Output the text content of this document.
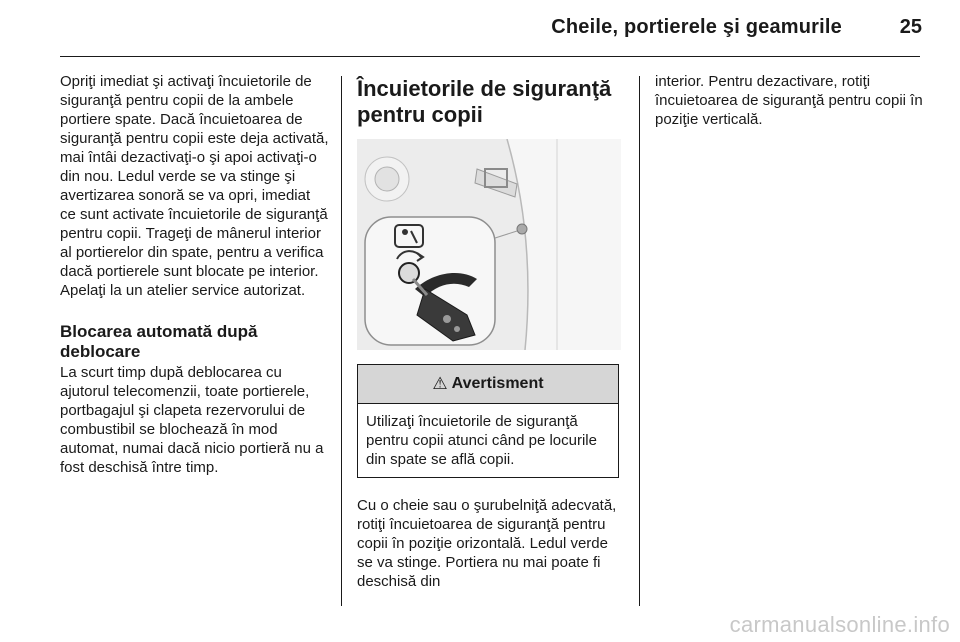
Cheile, portierele şi geamurile	25

Opriţi imediat şi activaţi încuietorile de siguranţă pentru copii de la ambele portiere spate. Dacă încuietoarea de siguranţă pentru copii este deja activată, mai întâi dezactivaţi-o şi apoi activaţi-o din nou. Ledul verde se va stinge şi avertizarea sonoră se va opri, imediat ce sunt activate încuietorile de siguranţă pentru copii. Trageţi de mânerul interior al portierelor din spate, pentru a verifica dacă portierele sunt blocate pe interior. Apelaţi la un atelier service autorizat.

Blocarea automată după deblocare

La scurt timp după deblocarea cu ajutorul telecomenzii, toate portierele, portbagajul şi clapeta rezervorului de combustibil se blochează în mod automat, numai dacă nicio portieră nu a fost deschisă între timp.

Încuietorile de siguranţă pentru copii
⚠ Avertisment
Utilizaţi încuietorile de siguranţă pentru copii atunci când pe locurile din spate se află copii.

Cu o cheie sau o şurubelniţă adecvată, rotiţi încuietoarea de siguranţă pentru copii în poziţie orizontală. Ledul verde se va stinge. Portiera nu mai poate fi deschisă din

interior. Pentru dezactivare, rotiţi încuietoarea de siguranţă pentru copii în poziţie verticală.

carmanualsonline.info
